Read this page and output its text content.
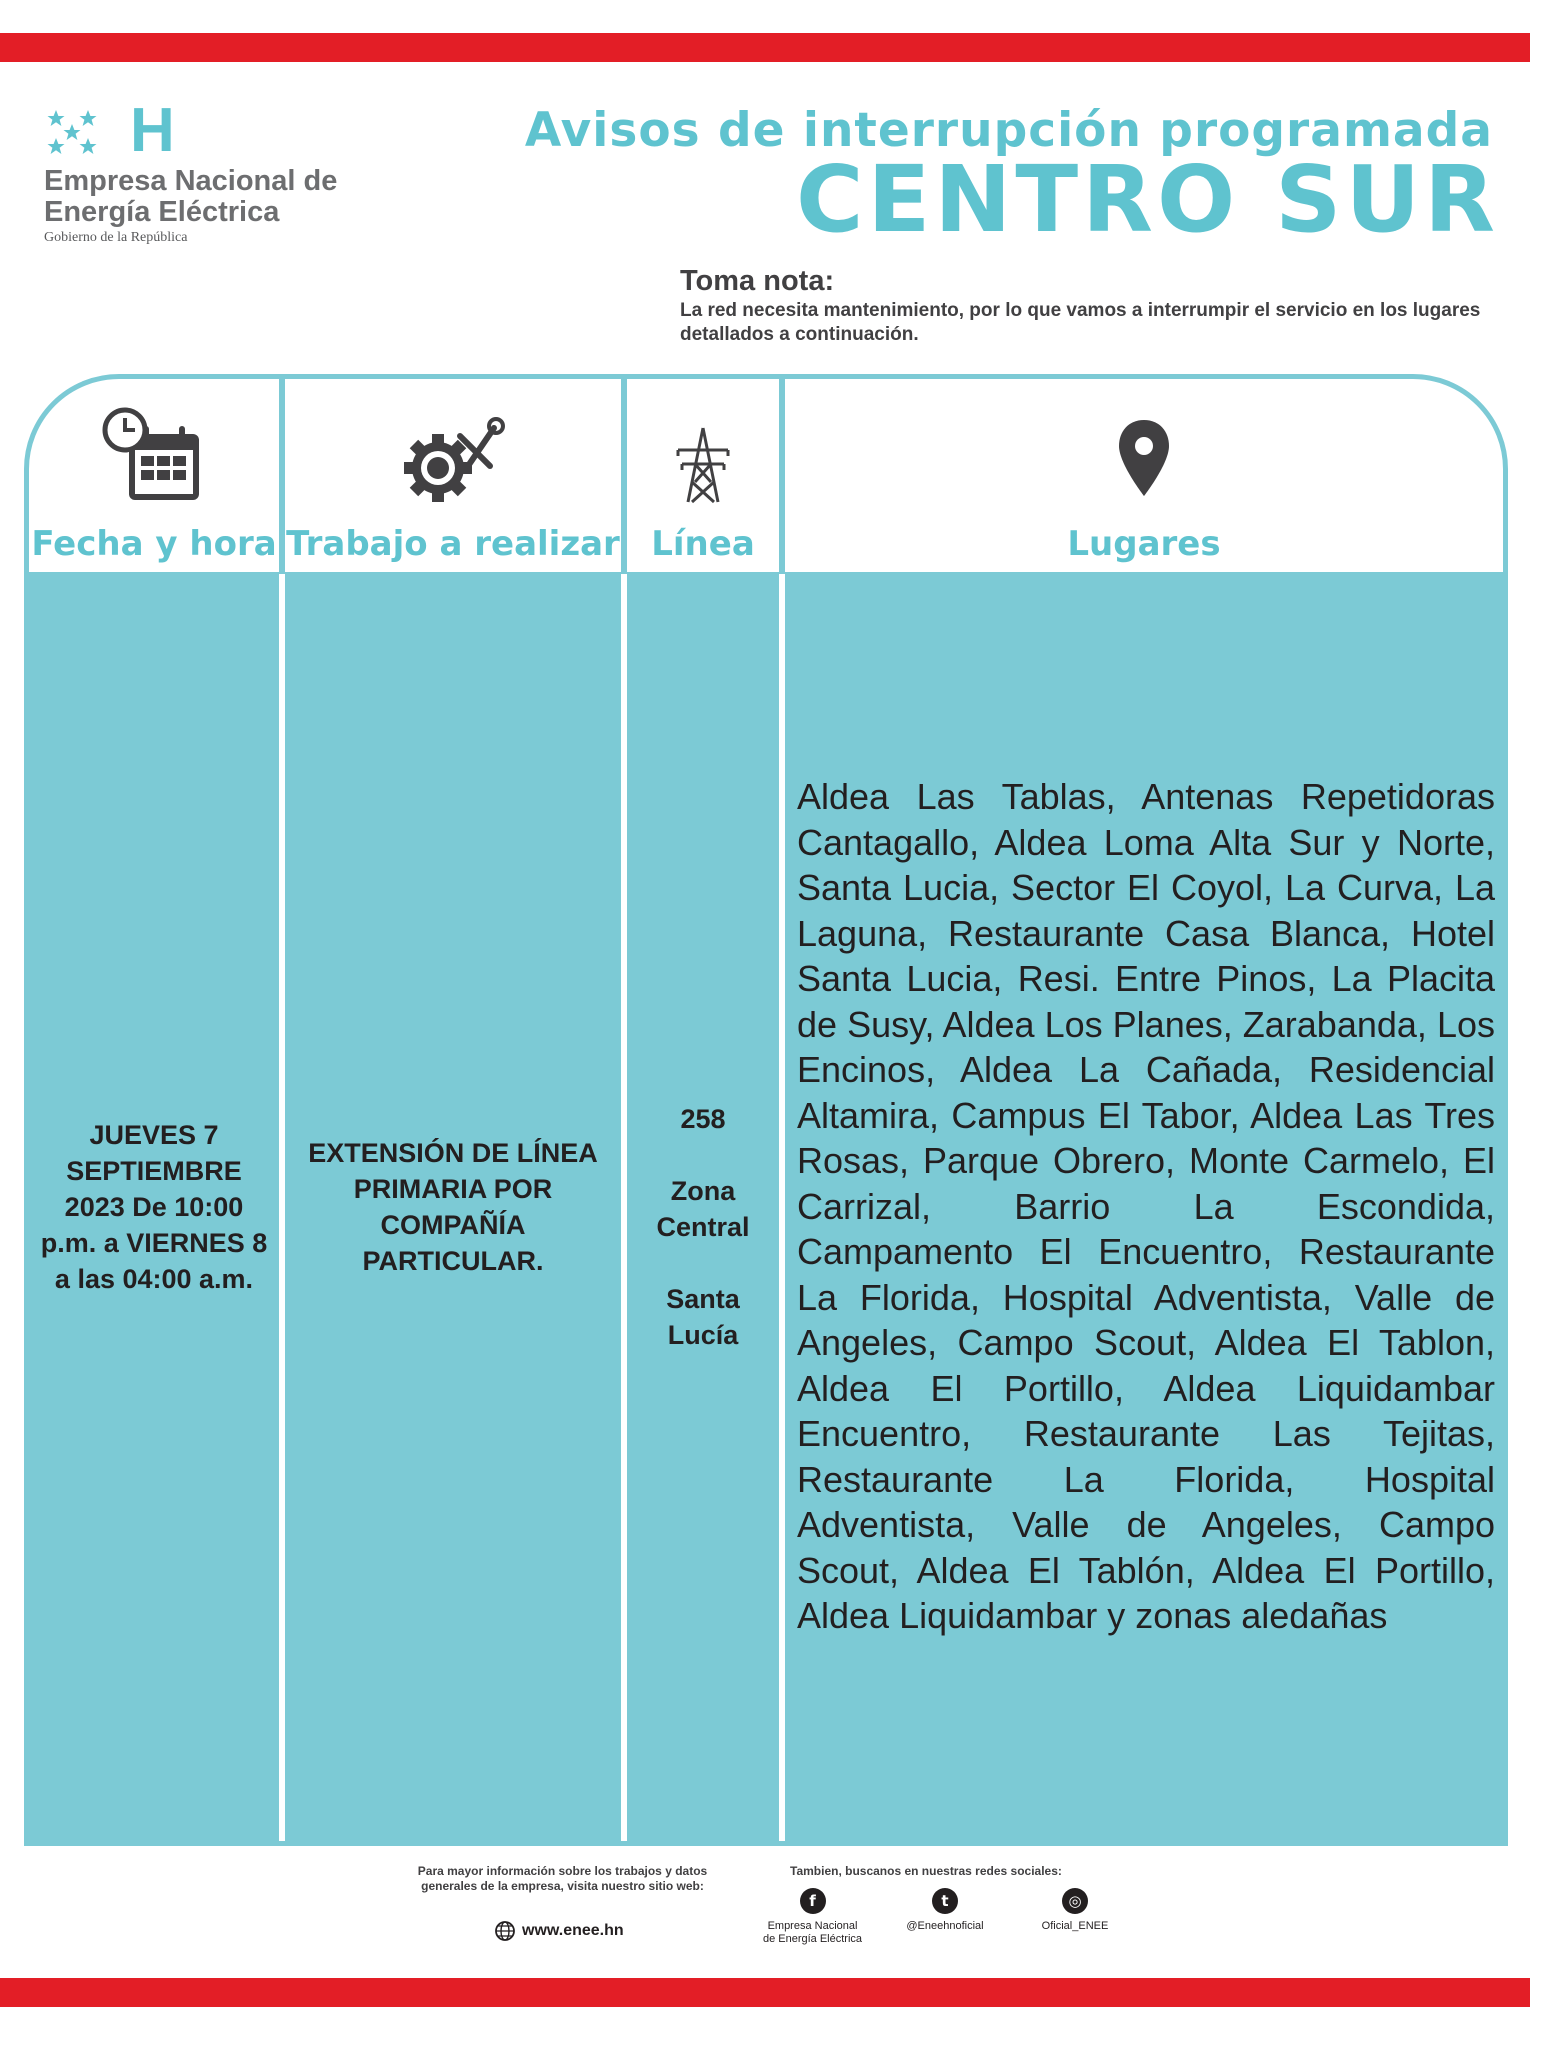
H
Empresa Nacional de Energía Eléctrica
Gobierno de la República
Avisos de interrupción programada
CENTRO SUR
Toma nota:
La red necesita mantenimiento, por lo que vamos a interrumpir el servicio en los lugares detallados a continuación.
JUEVES 7 SEPTIEMBRE 2023 De 10:00 p.m. a VIERNES 8 a las 04:00 a.m.
EXTENSIÓN DE LÍNEA PRIMARIA POR COMPAÑÍA PARTICULAR.
258
Zona Central
Santa Lucía
Aldea Las Tablas, Antenas Repetidoras Cantagallo, Aldea Loma Alta Sur y Norte, Santa Lucia, Sector El Coyol, La Curva, La Laguna, Restaurante Casa Blanca, Hotel Santa Lucia, Resi. Entre Pinos, La Placita de Susy, Aldea Los Planes, Zarabanda, Los Encinos, Aldea La Cañada, Residencial Altamira, Campus El Tabor, Aldea Las Tres Rosas, Parque Obrero, Monte Carmelo, El Carrizal, Barrio La Escondida, Campamento El Encuentro, Restaurante La Florida, Hospital Adventista, Valle de Angeles, Campo Scout, Aldea El Tablon, Aldea El Portillo, Aldea Liquidambar Encuentro, Restaurante Las Tejitas, Restaurante La Florida, Hospital Adventista, Valle de Angeles, Campo Scout, Aldea El Tablón, Aldea El Portillo, Aldea Liquidambar y zonas aledañas
Fecha y hora Trabajo a realizar Línea	Lugares
Para mayor información sobre los trabajos y datos generales de la empresa, visita nuestro sitio web:
www.enee.hn
Tambien, buscanos en nuestras redes sociales:
f
Empresa Nacional de Energía Eléctrica
t
@Eneehnoficial
◎
Oficial_ENEE
